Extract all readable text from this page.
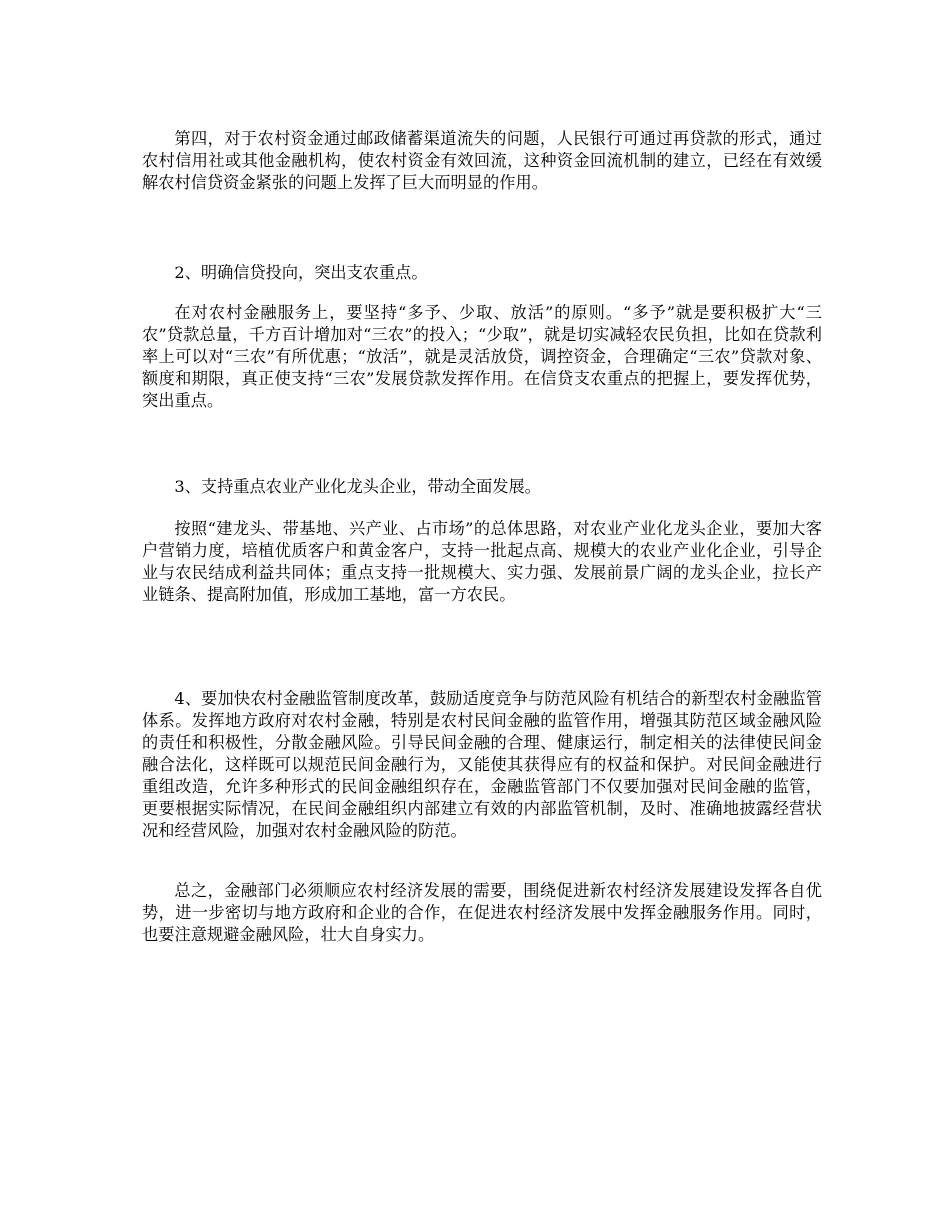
第四，对于农村资金通过邮政储蓄渠道流失的问题，人民银行可通过再贷款的形式，通过农村信用社或其他金融机构，使农村资金有效回流，这种资金回流机制的建立，已经在有效缓解农村信贷资金紧张的问题上发挥了巨大而明显的作用。

2、明确信贷投向，突出支农重点。

在对农村金融服务上，要坚持“多予、少取、放活”的原则。“多予”就是要积极扩大“三农”贷款总量，千方百计增加对“三农”的投入；“少取”，就是切实减轻农民负担，比如在贷款利率上可以对“三农”有所优惠；“放活”，就是灵活放贷，调控资金，合理确定“三农”贷款对象、额度和期限，真正使支持“三农”发展贷款发挥作用。在信贷支农重点的把握上，要发挥优势，突出重点。

3、支持重点农业产业化龙头企业，带动全面发展。

按照“建龙头、带基地、兴产业、占市场”的总体思路，对农业产业化龙头企业，要加大客户营销力度，培植优质客户和黄金客户，支持一批起点高、规模大的农业产业化企业，引导企业与农民结成利益共同体；重点支持一批规模大、实力强、发展前景广阔的龙头企业，拉长产业链条、提高附加值，形成加工基地，富一方农民。

4、要加快农村金融监管制度改革，鼓励适度竞争与防范风险有机结合的新型农村金融监管体系。发挥地方政府对农村金融，特别是农村民间金融的监管作用，增强其防范区域金融风险的责任和积极性，分散金融风险。引导民间金融的合理、健康运行，制定相关的法律使民间金融合法化，这样既可以规范民间金融行为，又能使其获得应有的权益和保护。对民间金融进行重组改造，允许多种形式的民间金融组织存在，金融监管部门不仅要加强对民间金融的监管，更要根据实际情况，在民间金融组织内部建立有效的内部监管机制，及时、准确地披露经营状况和经营风险，加强对农村金融风险的防范。

总之，金融部门必须顺应农村经济发展的需要，围绕促进新农村经济发展建设发挥各自优势，进一步密切与地方政府和企业的合作，在促进农村经济发展中发挥金融服务作用。同时，也要注意规避金融风险，壮大自身实力。
